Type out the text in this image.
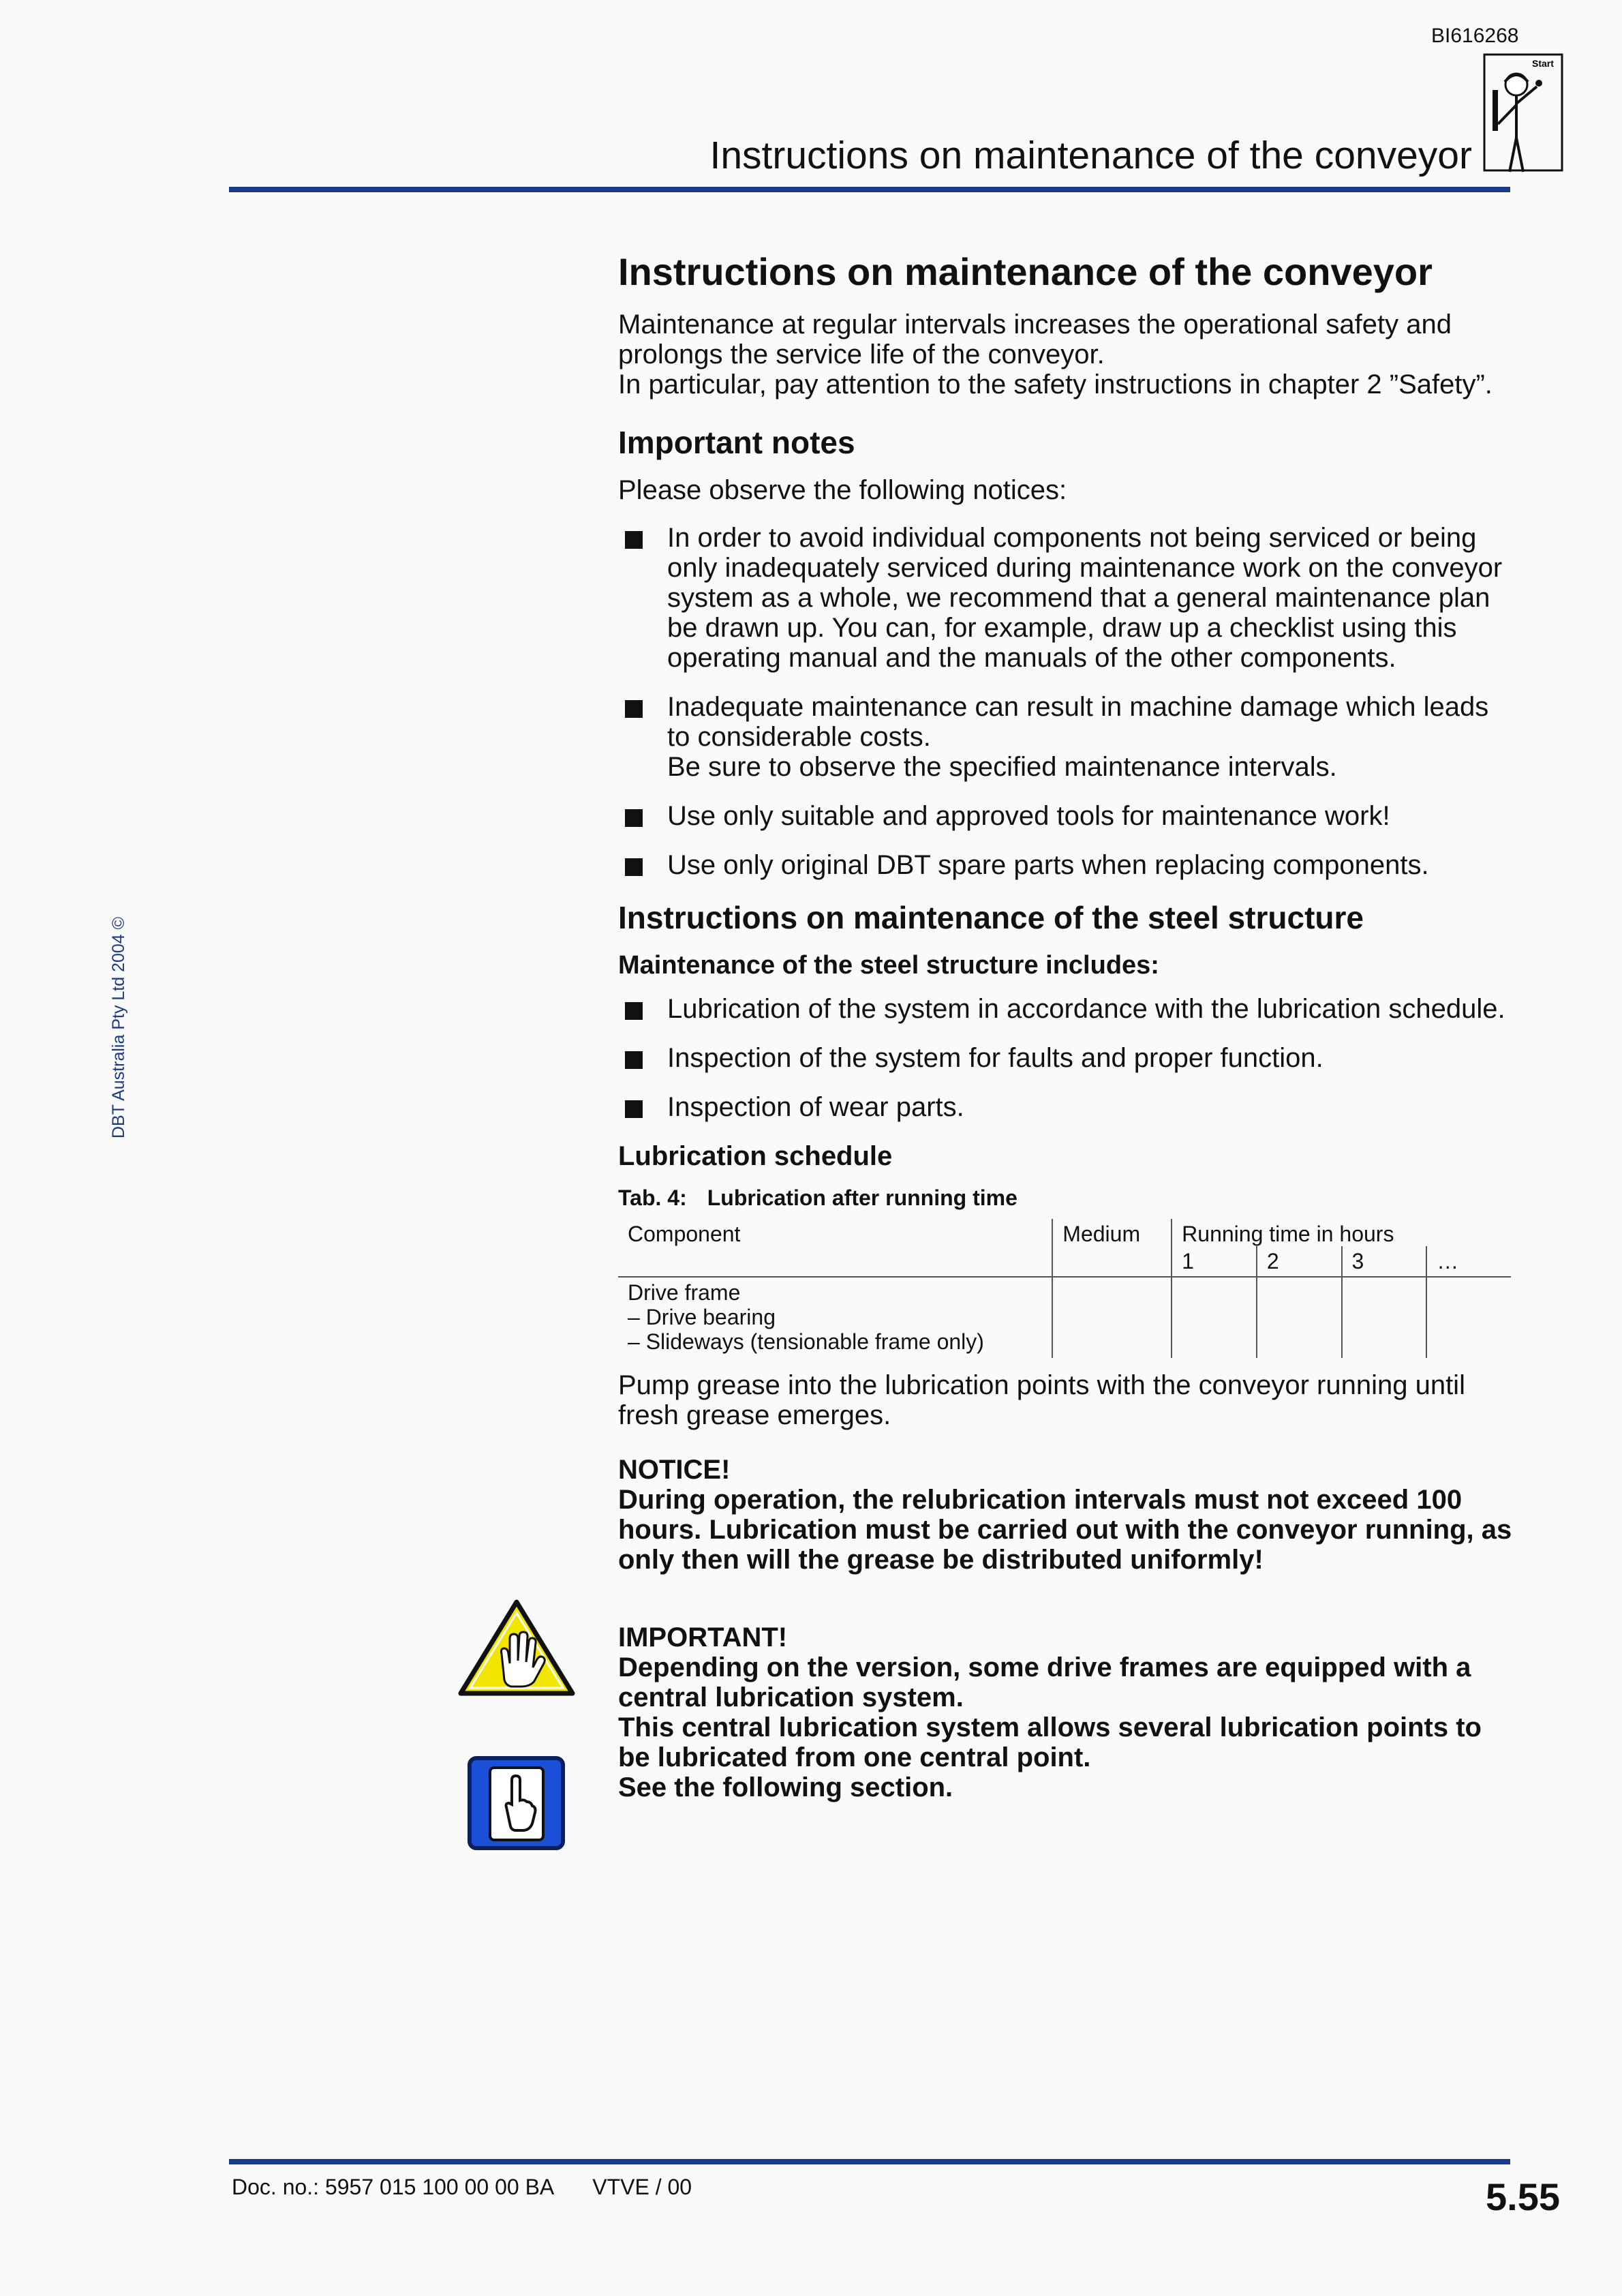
BI616268
Start
Instructions on maintenance of the conveyor
DBT Australia Pty Ltd 2004 ©
Instructions on maintenance of the conveyor

Maintenance at regular intervals increases the operational safety and prolongs the service life of the conveyor.

In particular, pay attention to the safety instructions in chapter 2 ”Safety”.

Important notes

Please observe the following notices:

In order to avoid individual components not being serviced or being only inadequately serviced during maintenance work on the conveyor system as a whole, we recommend that a general maintenance plan be drawn up. You can, for example, draw up a checklist using this operating manual and the manuals of the other components.
Inadequate maintenance can result in machine damage which leads to considerable costs.
Be sure to observe the specified maintenance intervals.
Use only suitable and approved tools for maintenance work!
Use only original DBT spare parts when replacing components.
Instructions on maintenance of the steel structure
Maintenance of the steel structure includes:
Lubrication of the system in accordance with the lubrication schedule.
Inspection of the system for faults and proper function.
Inspection of wear parts.
Lubrication schedule
Tab. 4: Lubrication after running time
Component	Medium	Running time in hours			
		1	2	3	…

Drive frame
– Drive bearing
– Slideways (tensionable frame only)					

Pump grease into the lubrication points with the conveyor running until fresh grease emerges.

NOTICE!
During operation, the relubrication intervals must not exceed 100 hours. Lubrication must be carried out with the conveyor running, as only then will the grease be distributed uniformly!
IMPORTANT!
Depending on the version, some drive frames are equipped with a central lubrication system.
This central lubrication system allows several lubrication points to be lubricated from one central point.
See the following section.
Doc. no.: 5957 015 100 00 00 BA VTVE / 00	5.55
